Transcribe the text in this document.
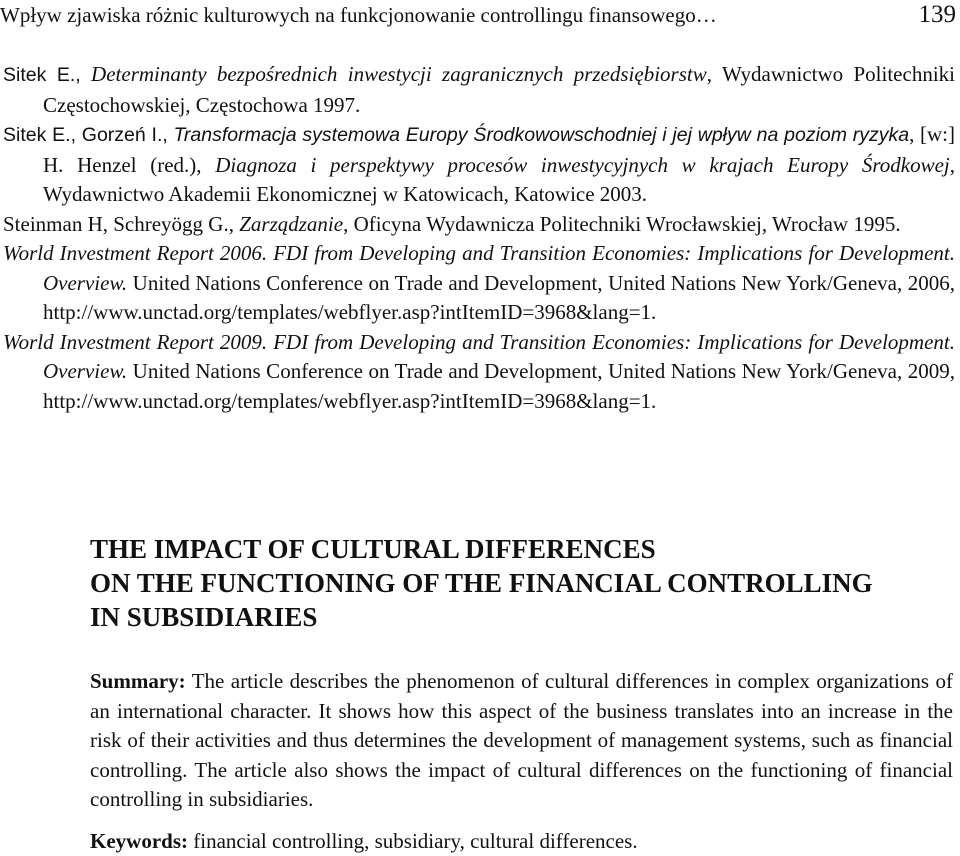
Wpływ zjawiska różnic kulturowych na funkcjonowanie controllingu finansowego…	139

Sitek E., Determinanty bezpośrednich inwestycji zagranicznych przedsiębiorstw, Wydawnictwo Politechniki Częstochowskiej, Częstochowa 1997.

Sitek E., Gorzeń I., Transformacja systemowa Europy Środkowowschodniej i jej wpływ na poziom ryzyka, [w:] H. Henzel (red.), Diagnoza i perspektywy procesów inwestycyjnych w krajach Europy Środkowej, Wydawnictwo Akademii Ekonomicznej w Katowicach, Katowice 2003.

Steinman H, Schreyögg G., Zarządzanie, Oficyna Wydawnicza Politechniki Wrocławskiej, Wrocław 1995.

World Investment Report 2006. FDI from Developing and Transition Economies: Implications for Development. Overview. United Nations Conference on Trade and Development, United Nations New York/Geneva, 2006, http://www.unctad.org/templates/webflyer.asp?intItemID=3968&lang=1.

World Investment Report 2009. FDI from Developing and Transition Economies: Implications for Development. Overview. United Nations Conference on Trade and Development, United Nations New York/Geneva, 2009, http://www.unctad.org/templates/webflyer.asp?intItemID=3968&lang=1.

THE IMPACT OF CULTURAL DIFFERENCES
ON THE FUNCTIONING OF THE FINANCIAL CONTROLLING
IN SUBSIDIARIES

Summary: The article describes the phenomenon of cultural differences in complex organizations of an international character. It shows how this aspect of the business translates into an increase in the risk of their activities and thus determines the development of management systems, such as financial controlling. The article also shows the impact of cultural differences on the functioning of financial controlling in subsidiaries.

Keywords: financial controlling, subsidiary, cultural differences.
